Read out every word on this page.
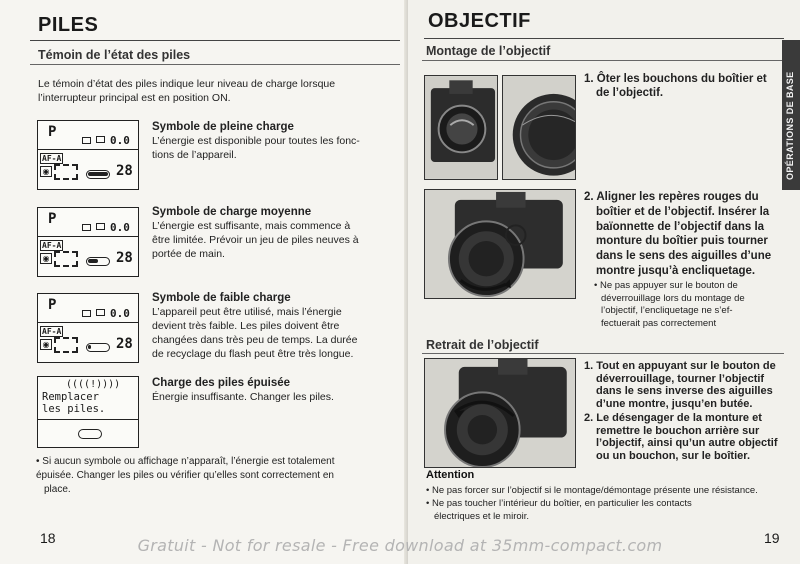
PILES
Témoin de l’état des piles
Le témoin d’état des piles indique leur niveau de charge lorsque
l’interrupteur principal est en position ON.
P
0.0
AF-A
◉	28
P
0.0
AF-A
◉	28
P
0.0
AF-A
◉	28
((((!))))
Remplacer
les piles.
Symbole de pleine charge
L’énergie est disponible pour toutes les fonc-
tions de l’appareil.
Symbole de charge moyenne
L’énergie est suffisante, mais commence à
être limitée. Prévoir un jeu de piles neuves à
portée de main.
Symbole de faible charge
L’appareil peut être utilisé, mais l’énergie
devient très faible. Les piles doivent être
changées dans très peu de temps. La durée
de recyclage du flash peut être très longue.
Charge des piles épuisée
Énergie insuffisante. Changer les piles.
• Si aucun symbole ou affichage n’apparaît, l’énergie est totalement
épuisée. Changer les piles ou vérifier qu’elles sont correctement en
place.
18
OBJECTIF
Montage de l’objectif
1. Ôter les bouchons du boîtier et
de l’objectif.
2. Aligner les repères rouges du
boîtier et de l’objectif. Insérer la
baïonnette de l’objectif dans la
monture du boîtier puis tourner
dans le sens des aiguilles d’une
montre jusqu’à encliquetage.
• Ne pas appuyer sur le bouton de
déverrouillage lors du montage de
l’objectif, l’encliquetage ne s’ef-
fectuerait pas correctement
Retrait de l’objectif
1. Tout en appuyant sur le bouton de
déverrouillage, tourner l’objectif
dans le sens inverse des aiguilles
d’une montre, jusqu’en butée.
2. Le désengager de la monture et
remettre le bouchon arrière sur
l’objectif, ainsi qu’un autre objectif
ou un bouchon, sur le boîtier.
Attention
• Ne pas forcer sur l’objectif si le montage/démontage présente une résistance.
• Ne pas toucher l’intérieur du boîtier, en particulier les contacts
électriques et le miroir.
19
OPÉRATIONS DE BASE
Gratuit - Not for resale - Free download at 35mm-compact.com
